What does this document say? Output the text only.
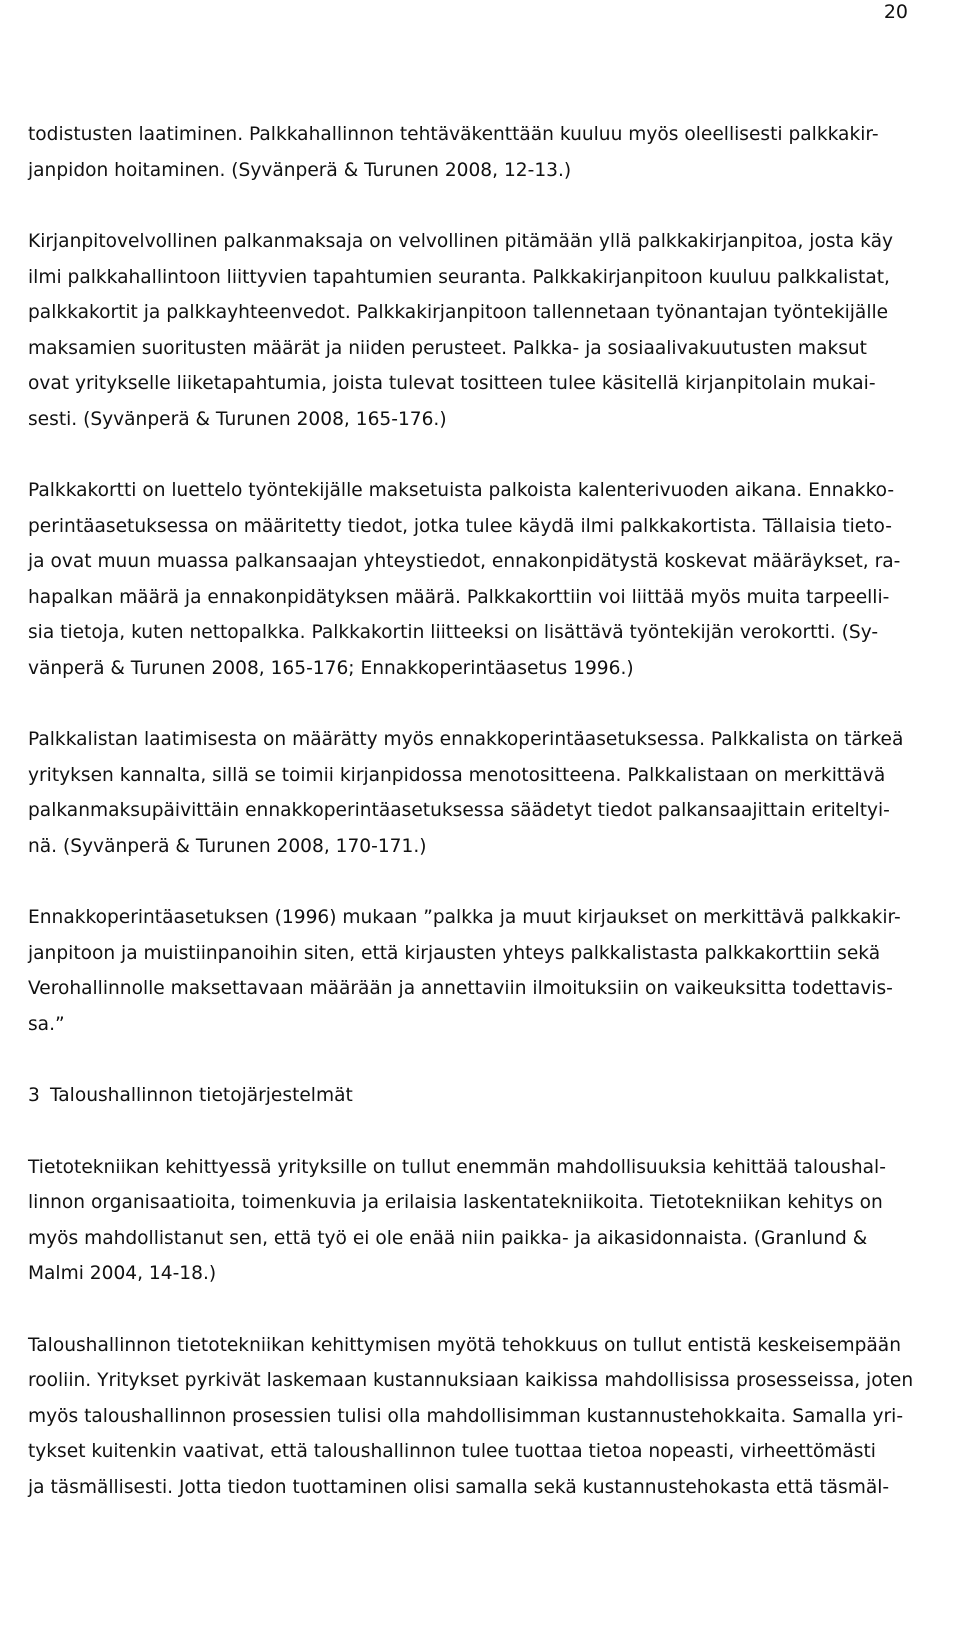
20

todistusten laatiminen. Palkkahallinnon tehtäväkenttään kuuluu myös oleellisesti palkkakir-
janpidon hoitaminen. (Syvänperä & Turunen 2008, 12-13.)

Kirjanpitovelvollinen palkanmaksaja on velvollinen pitämään yllä palkkakirjanpitoa, josta käy
ilmi palkkahallintoon liittyvien tapahtumien seuranta. Palkkakirjanpitoon kuuluu palkkalistat,
palkkakortit ja palkkayhteenvedot. Palkkakirjanpitoon tallennetaan työnantajan työntekijälle
maksamien suoritusten määrät ja niiden perusteet. Palkka- ja sosiaalivakuutusten maksut
ovat yritykselle liiketapahtumia, joista tulevat tositteen tulee käsitellä kirjanpitolain mukai-
sesti. (Syvänperä & Turunen 2008, 165-176.)

Palkkakortti on luettelo työntekijälle maksetuista palkoista kalenterivuoden aikana. Ennakko-
perintäasetuksessa on määritetty tiedot, jotka tulee käydä ilmi palkkakortista. Tällaisia tieto-
ja ovat muun muassa palkansaajan yhteystiedot, ennakonpidätystä koskevat määräykset, ra-
hapalkan määrä ja ennakonpidätyksen määrä. Palkkakorttiin voi liittää myös muita tarpeelli-
sia tietoja, kuten nettopalkka. Palkkakortin liitteeksi on lisättävä työntekijän verokortti. (Sy-
vänperä & Turunen 2008, 165-176; Ennakkoperintäasetus 1996.)

Palkkalistan laatimisesta on määrätty myös ennakkoperintäasetuksessa. Palkkalista on tärkeä
yrityksen kannalta, sillä se toimii kirjanpidossa menotositteena. Palkkalistaan on merkittävä
palkanmaksupäivittäin ennakkoperintäasetuksessa säädetyt tiedot palkansaajittain eriteltyi-
nä. (Syvänperä & Turunen 2008, 170-171.)

Ennakkoperintäasetuksen (1996) mukaan ”palkka ja muut kirjaukset on merkittävä palkkakir-
janpitoon ja muistiinpanoihin siten, että kirjausten yhteys palkkalistasta palkkakorttiin sekä
Verohallinnolle maksettavaan määrään ja annettaviin ilmoituksiin on vaikeuksitta todettavis-
sa.”

3 Taloushallinnon tietojärjestelmät

Tietotekniikan kehittyessä yrityksille on tullut enemmän mahdollisuuksia kehittää taloushal-
linnon organisaatioita, toimenkuvia ja erilaisia laskentatekniikoita. Tietotekniikan kehitys on
myös mahdollistanut sen, että työ ei ole enää niin paikka- ja aikasidonnaista. (Granlund &
Malmi 2004, 14-18.)

Taloushallinnon tietotekniikan kehittymisen myötä tehokkuus on tullut entistä keskeisempään
rooliin. Yritykset pyrkivät laskemaan kustannuksiaan kaikissa mahdollisissa prosesseissa, joten
myös taloushallinnon prosessien tulisi olla mahdollisimman kustannustehokkaita. Samalla yri-
tykset kuitenkin vaativat, että taloushallinnon tulee tuottaa tietoa nopeasti, virheettömästi
ja täsmällisesti. Jotta tiedon tuottaminen olisi samalla sekä kustannustehokasta että täsmäl-
